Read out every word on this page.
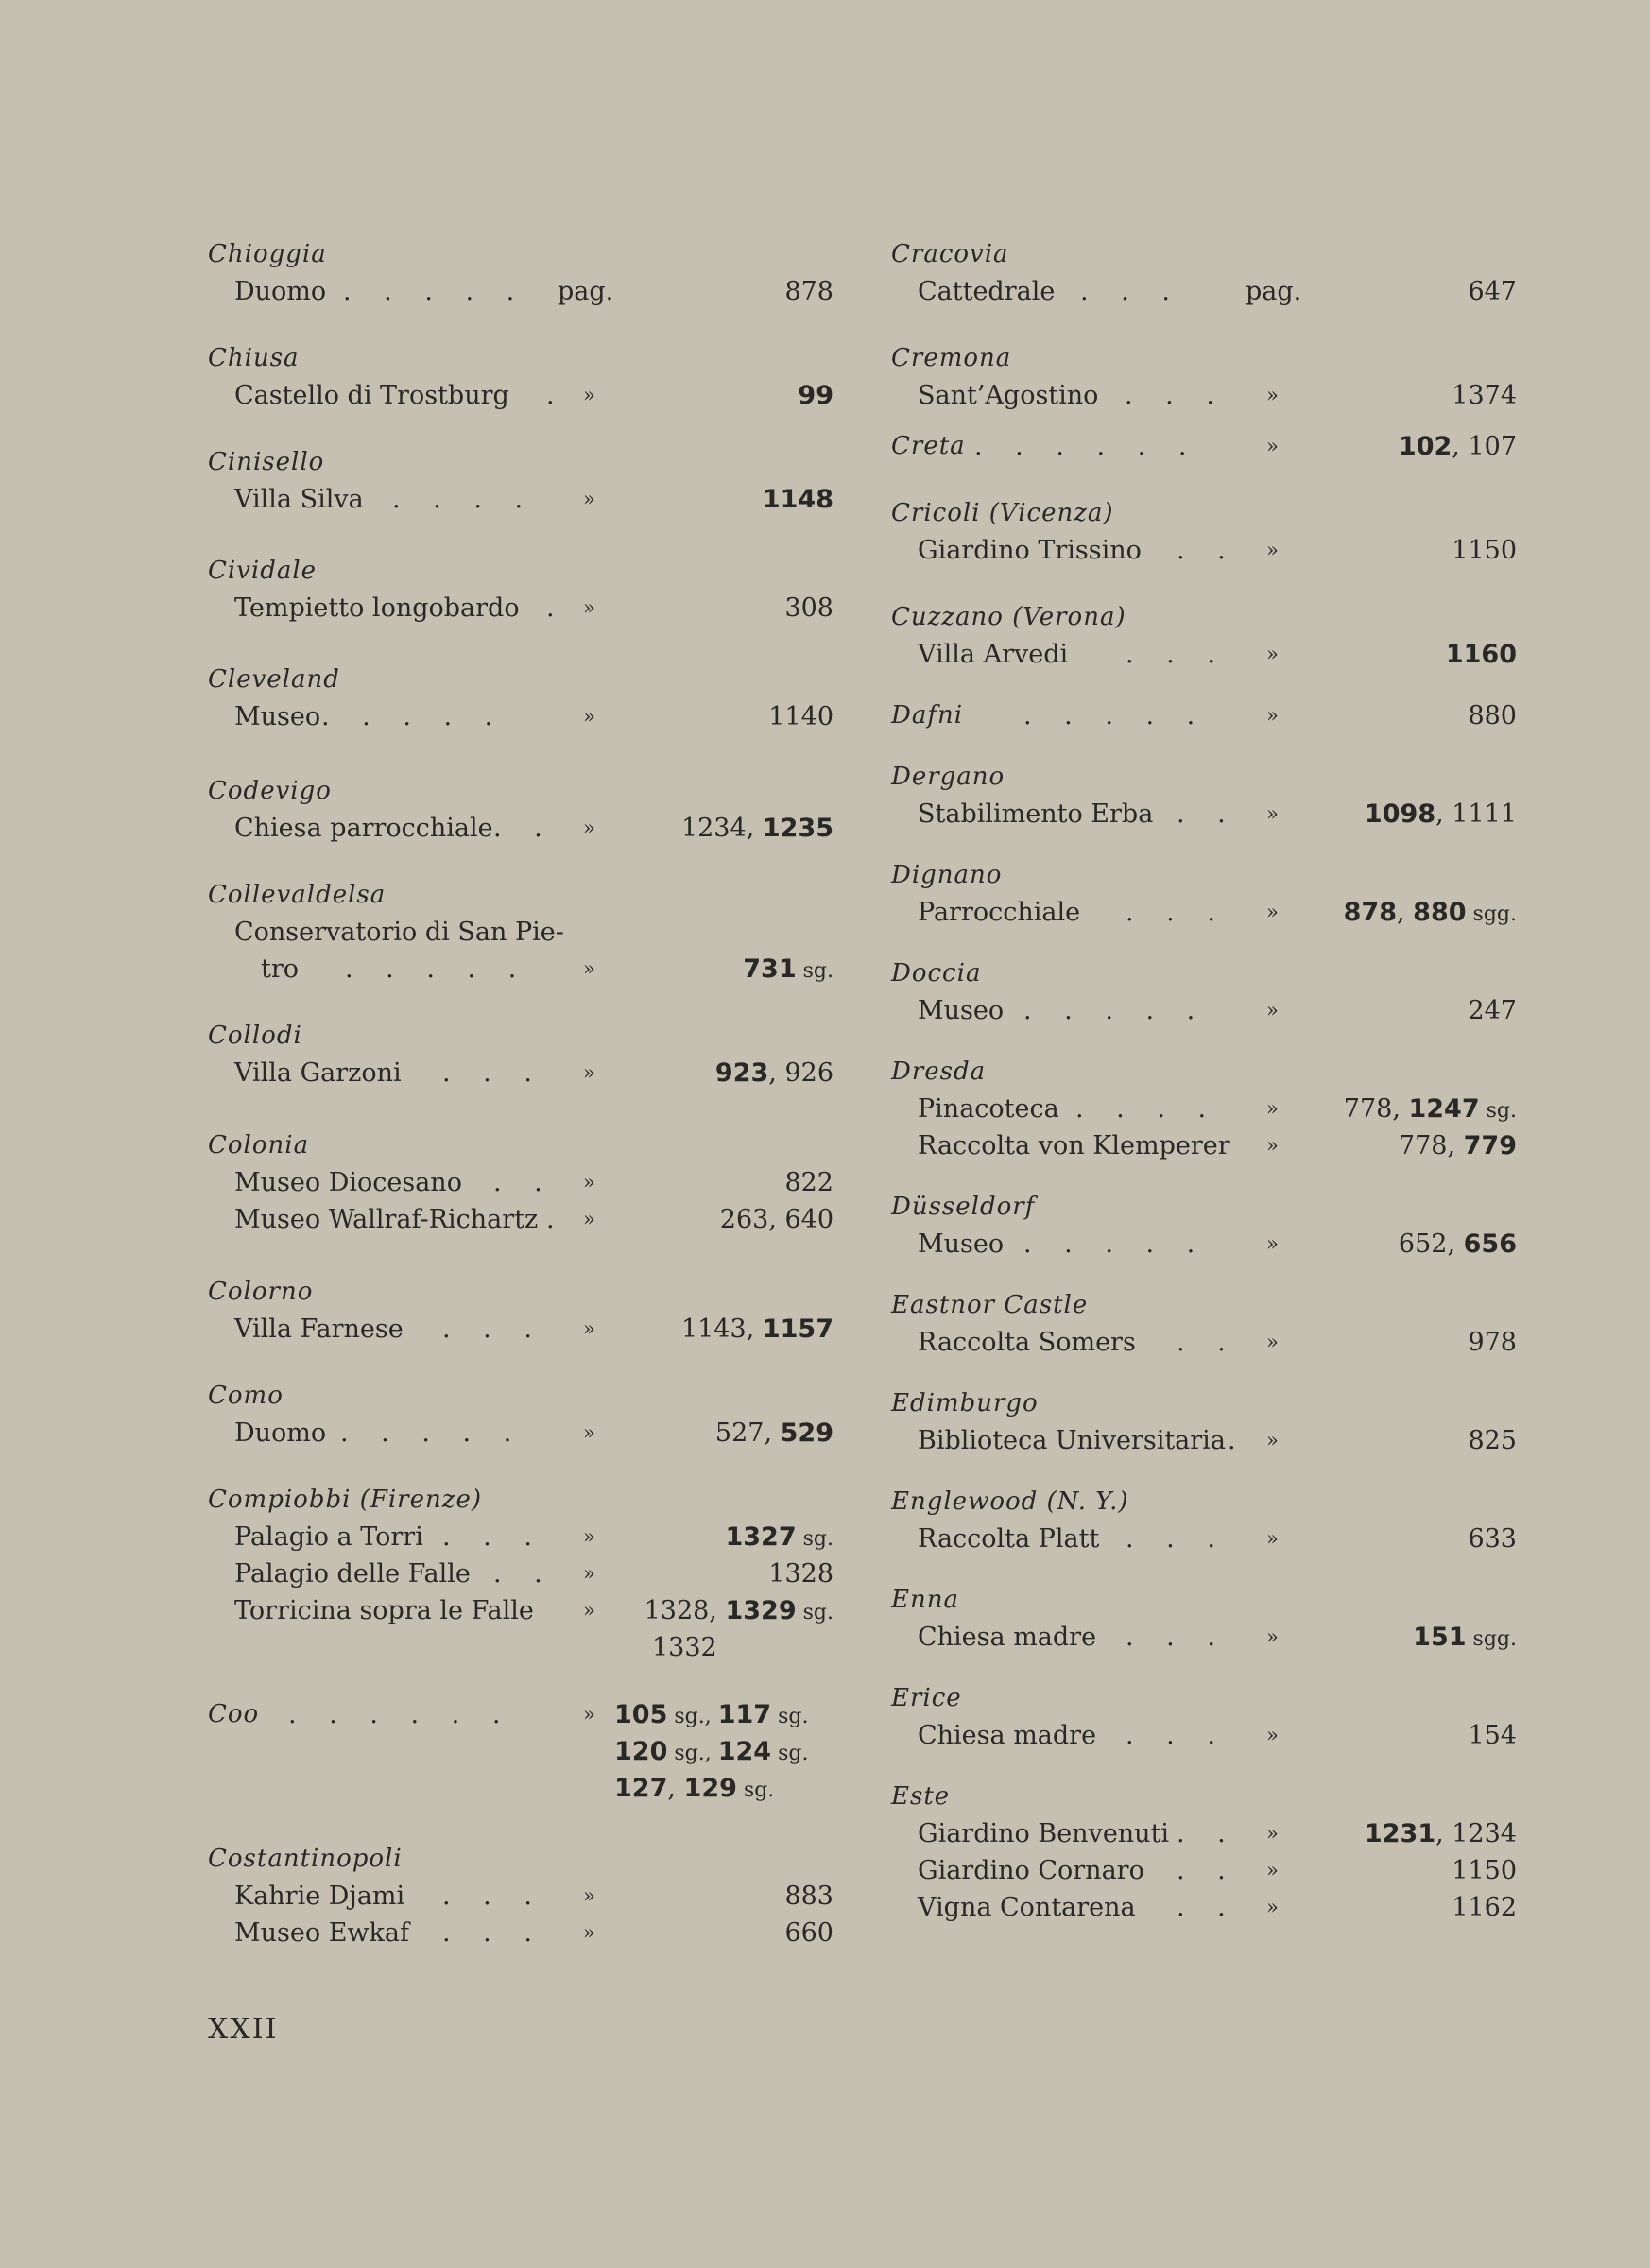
Chioggia
Duomo . . . . . pag.	878
Chiusa
Castello di Trostburg . »	99
Cinisello
Villa Silva . . . . »	1148
Cividale
Tempietto longobardo . »	308
Cleveland
Museo . . . . .	»	1140
Codevigo
Chiesa parrocchiale . . »	1234, 1235
Collevaldelsa
Conservatorio di San Pie-
tro . . . . .	»	731 sg.
Collodi
Villa Garzoni . . . »	923, 926
Colonia
Museo Diocesano . . »	822
Museo Wallraf-Richartz . »	263, 640
Colorno
Villa Farnese . . . »	1143, 1157
Como
Duomo . . . . .	»	527, 529
Compiobbi (Firenze)
Palagio a Torri . . . »	1327 sg.
Palagio delle Falle . . »	1328
Torricina sopra le Falle » 1328, 1329 sg.
1332
Coo . . . . . .	» 105 sg., 117 sg.
120 sg., 124 sg.
127, 129 sg.
Costantinopoli
Kahrie Djami . . . »	883
Museo Ewkaf . . . »	660
Cracovia
Cattedrale . . . pag.	647
Cremona
Sant’Agostino . . . »	1374
Creta . . . . . .	»	102, 107
Cricoli (Vicenza)
Giardino Trissino . . »	1150
Cuzzano (Verona)
Villa Arvedi . . . »	1160
Dafni . . . . .	»	880
Dergano
Stabilimento Erba . . »	1098, 1111
Dignano
Parrocchiale . . . »	878, 880 sgg.
Doccia
Museo . . . . .	»	247
Dresda
Pinacoteca . . . . »	778, 1247 sg.
Raccolta von Klemperer »	778, 779
Düsseldorf
Museo . . . . .	»	652, 656
Eastnor Castle
Raccolta Somers . . »	978
Edimburgo
Biblioteca Universitaria . »	825
Englewood (N. Y.)
Raccolta Platt . . . »	633
Enna
Chiesa madre . . . »	151 sgg.
Erice
Chiesa madre . . . »	154
Este
Giardino Benvenuti . . »	1231, 1234
Giardino Cornaro . . »	1150
Vigna Contarena . . »	1162
XXII
